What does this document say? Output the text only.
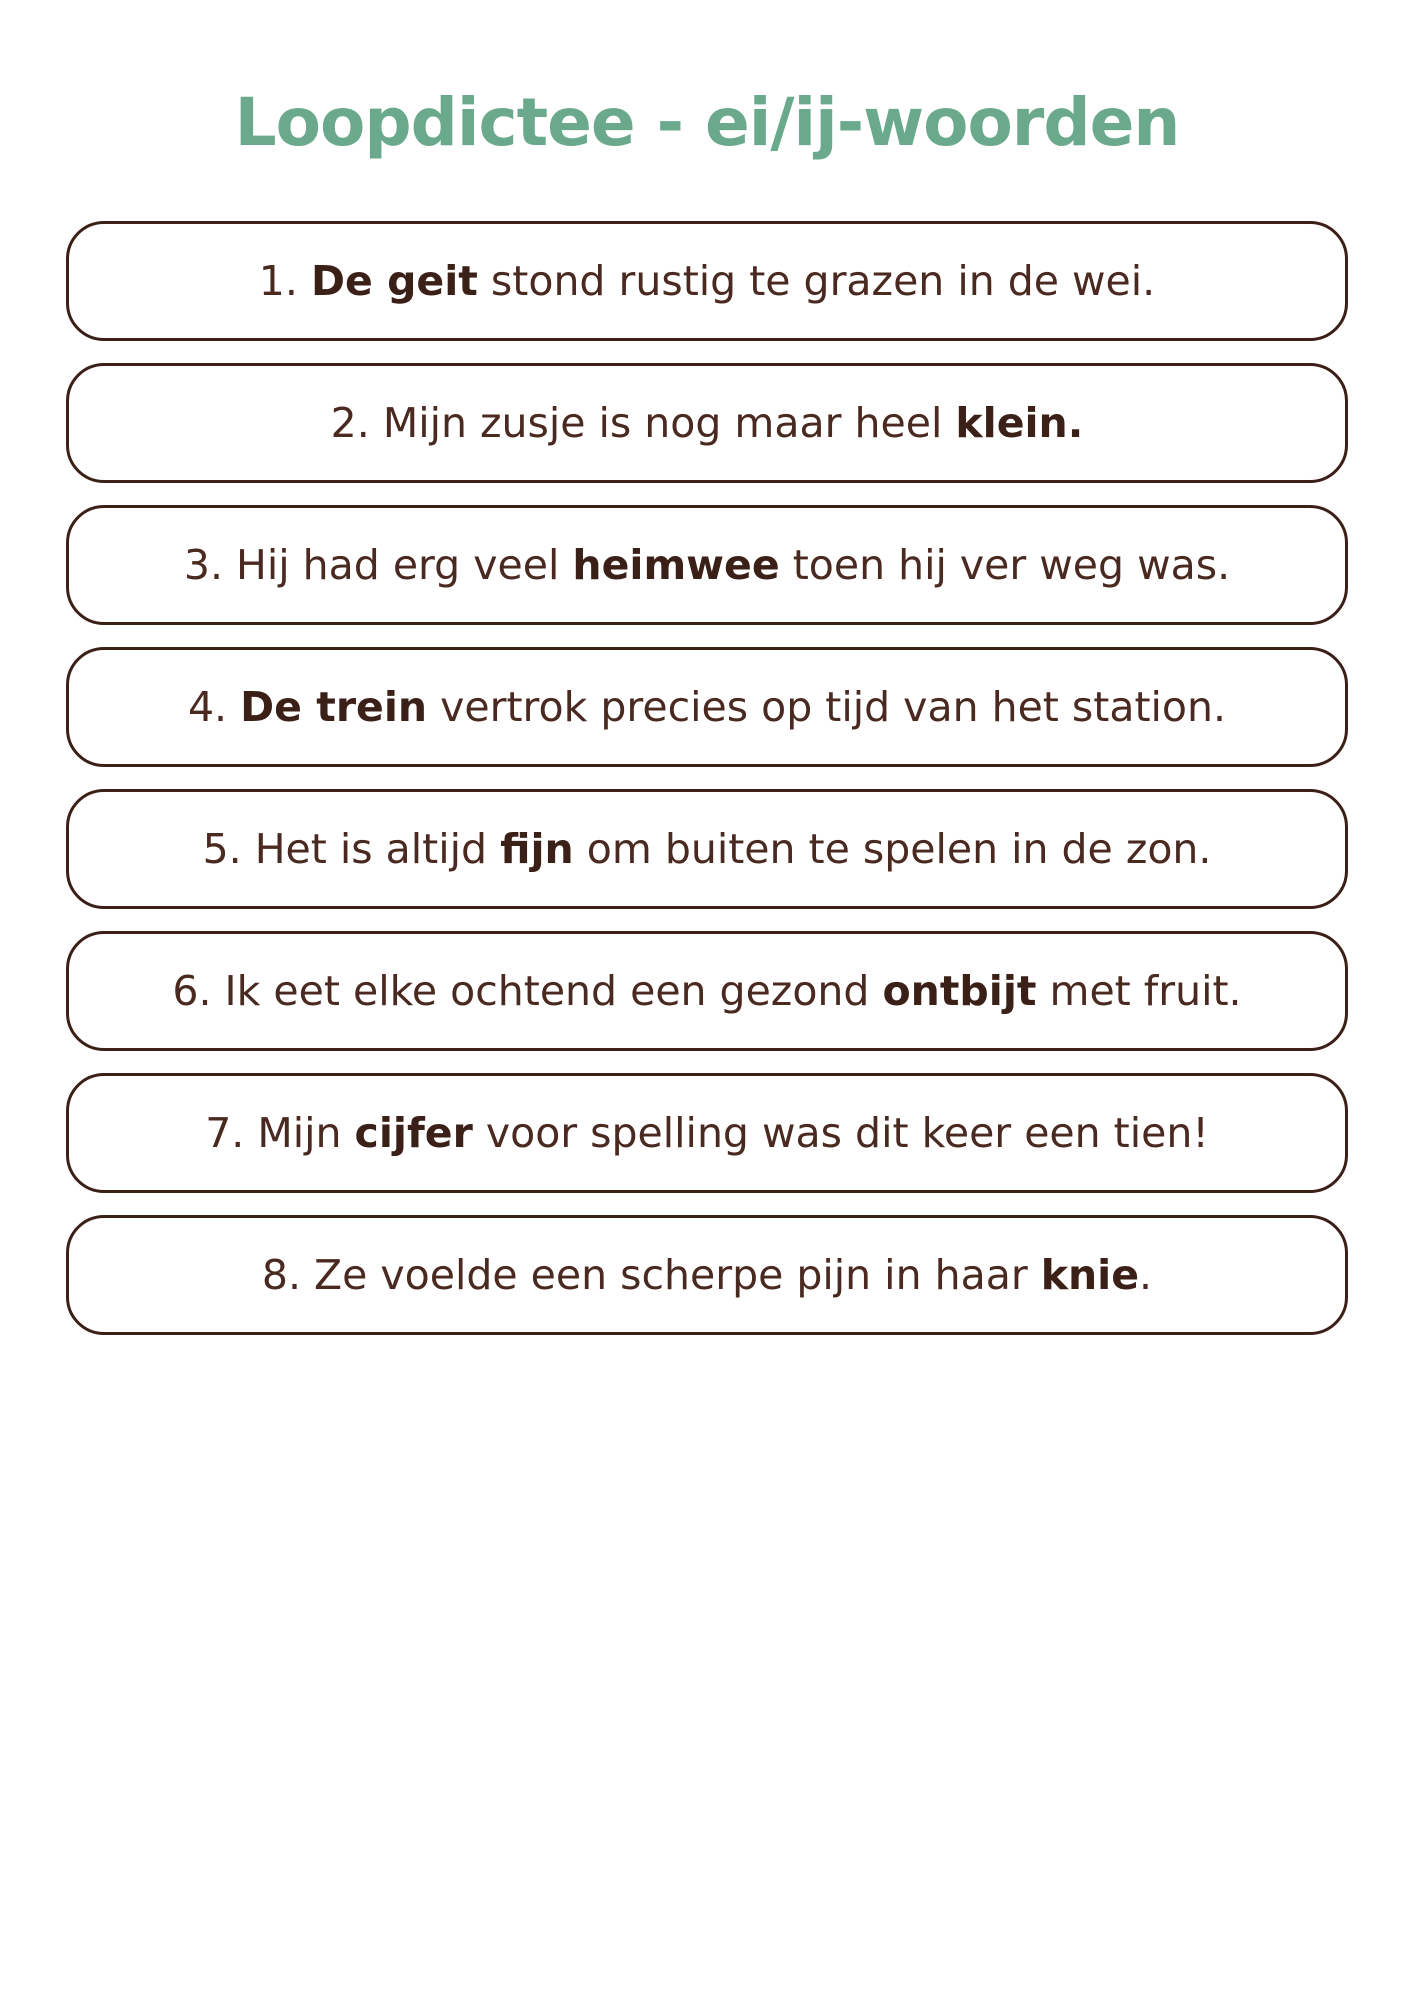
Loopdictee - ei/ij-woorden
1. De geit stond rustig te grazen in de wei.
2. Mijn zusje is nog maar heel klein.
3. Hij had erg veel heimwee toen hij ver weg was.
4. De trein vertrok precies op tijd van het station.
5. Het is altijd fijn om buiten te spelen in de zon.
6. Ik eet elke ochtend een gezond ontbijt met fruit.
7. Mijn cijfer voor spelling was dit keer een tien!
8. Ze voelde een scherpe pijn in haar knie.
